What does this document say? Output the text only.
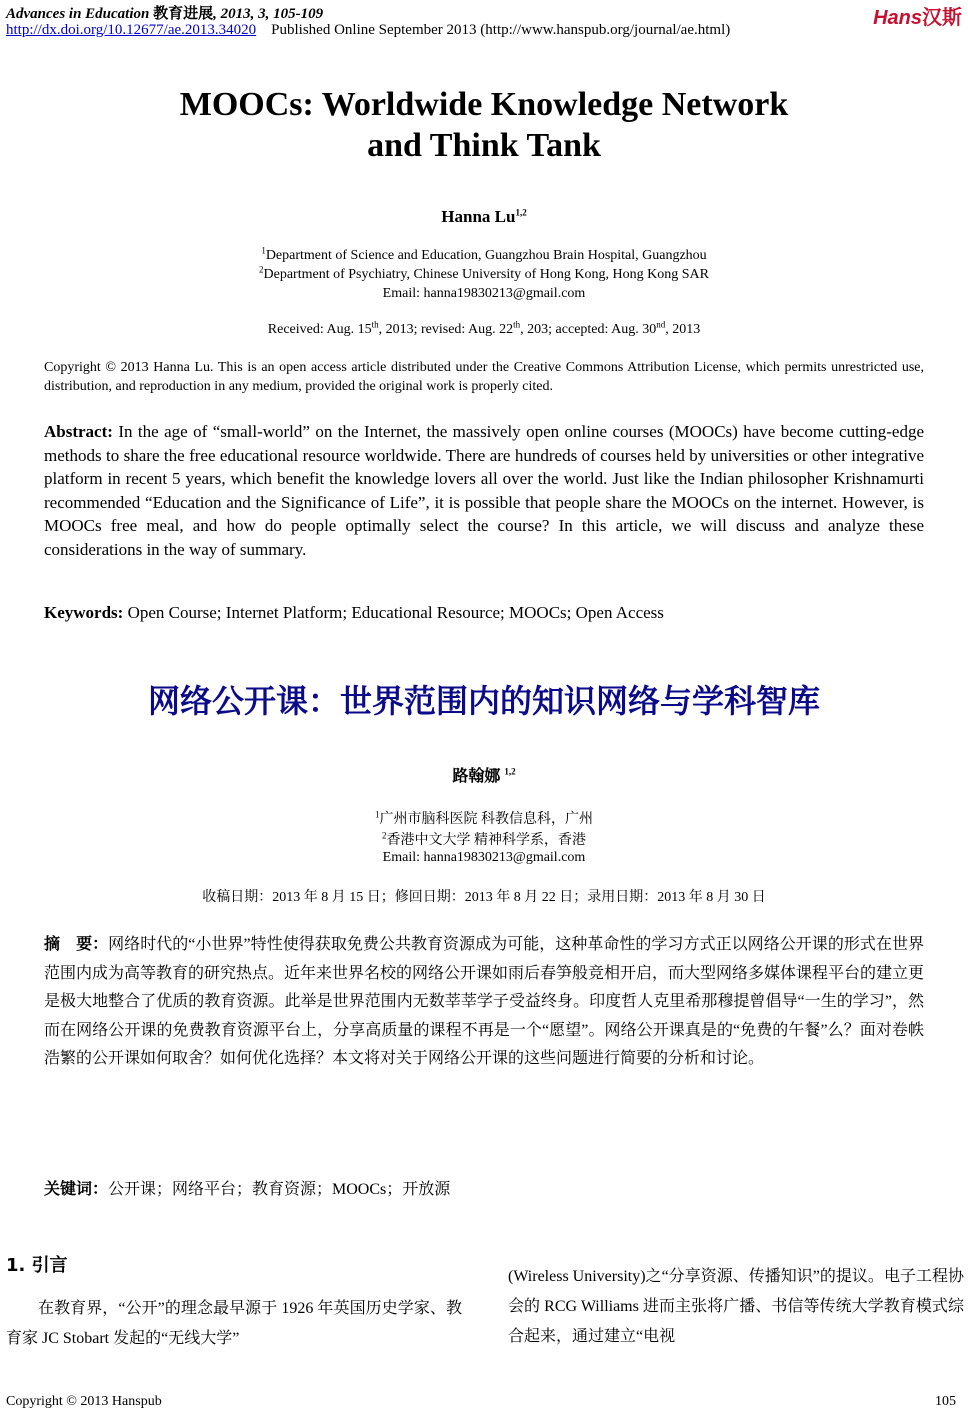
Advances in Education 教育进展, 2013, 3, 105-109
http://dx.doi.org/10.12677/ae.2013.34020 Published Online September 2013 (http://www.hanspub.org/journal/ae.html)
Hans汉斯
MOOCs: Worldwide Knowledge Network
and Think Tank
Hanna Lu$^{1,2}$
$^1$Department of Science and Education, Guangzhou Brain Hospital, Guangzhou
$^2$Department of Psychiatry, Chinese University of Hong Kong, Hong Kong SAR
Email: hanna19830213@gmail.com
Received: Aug. 15th, 2013; revised: Aug. 22th, 203; accepted: Aug. 30nd, 2013
Copyright © 2013 Hanna Lu. This is an open access article distributed under the Creative Commons Attribution License, which permits unrestricted use, distribution, and reproduction in any medium, provided the original work is properly cited.
Abstract: In the age of “small-world” on the Internet, the massively open online courses (MOOCs) have become cutting-edge methods to share the free educational resource worldwide. There are hundreds of courses held by universities or other integrative platform in recent 5 years, which benefit the knowledge lovers all over the world. Just like the Indian philosopher Krishnamurti recommended “Education and the Significance of Life”, it is possible that people share the MOOCs on the internet. However, is MOOCs free meal, and how do people optimally select the course? In this article, we will discuss and analyze these considerations in the way of summary.
Keywords: Open Course; Internet Platform; Educational Resource; MOOCs; Open Access
网络公开课：世界范围内的知识网络与学科智库
路翰娜 $^{1,2}$
$^1$广州市脑科医院 科教信息科，广州
$^2$香港中文大学 精神科学系，香港
Email: hanna19830213@gmail.com
收稿日期：2013 年 8 月 15 日；修回日期：2013 年 8 月 22 日；录用日期：2013 年 8 月 30 日
摘　要：网络时代的“小世界”特性使得获取免费公共教育资源成为可能，这种革命性的学习方式正以网络公开课的形式在世界范围内成为高等教育的研究热点。近年来世界名校的网络公开课如雨后春笋般竞相开启，而大型网络多媒体课程平台的建立更是极大地整合了优质的教育资源。此举是世界范围内无数莘莘学子受益终身。印度哲人克里希那穆提曾倡导“一生的学习”，然而在网络公开课的免费教育资源平台上，分享高质量的课程不再是一个“愿望”。网络公开课真是的“免费的午餐”么？面对卷帙浩繁的公开课如何取舍？如何优化选择？本文将对关于网络公开课的这些问题进行简要的分析和讨论。
关键词：公开课；网络平台；教育资源；MOOCs；开放源
1. 引言
在教育界，“公开”的理念最早源于 1926 年英国历史学家、教育家 JC Stobart 发起的“无线大学”
(Wireless University)之“分享资源、传播知识”的提议。电子工程协会的 RCG Williams 进而主张将广播、书信等传统大学教育模式综合起来，通过建立“电视
Copyright © 2013 Hanspub	105
